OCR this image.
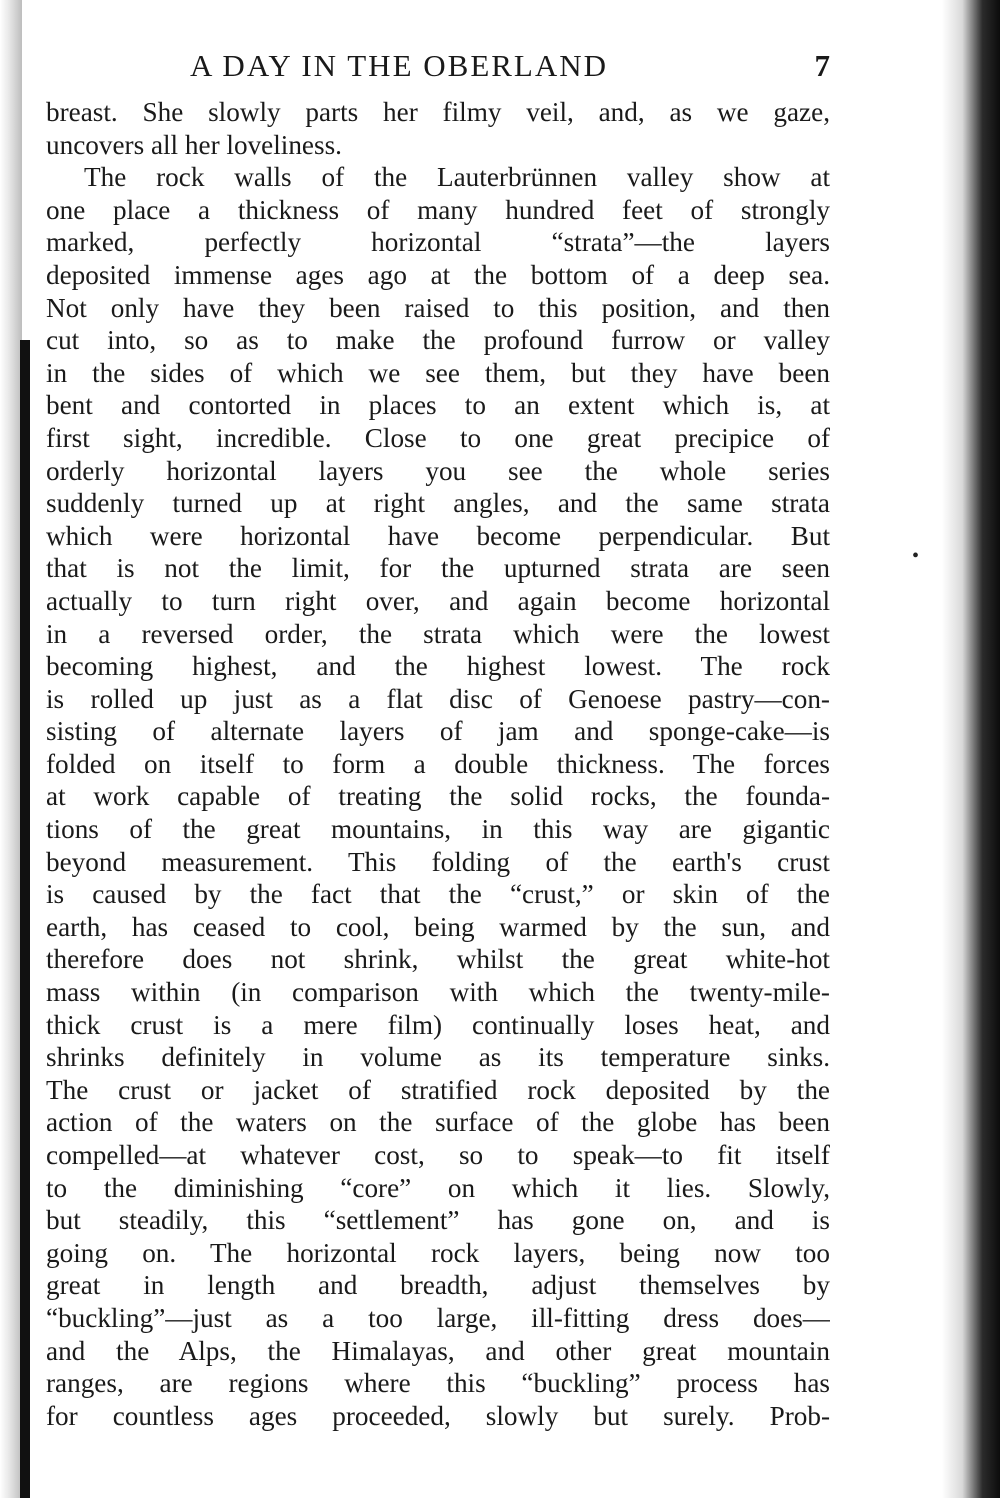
•
A DAY IN THE OBERLAND	7
breast. She slowly parts her filmy veil, and, as we gaze,
uncovers all her loveliness.
The rock walls of the Lauterbrünnen valley show at
one place a thickness of many hundred feet of strongly
marked, perfectly horizontal “strata”—the layers
deposited immense ages ago at the bottom of a deep sea.
Not only have they been raised to this position, and then
cut into, so as to make the profound furrow or valley
in the sides of which we see them, but they have been
bent and contorted in places to an extent which is, at
first sight, incredible. Close to one great precipice of
orderly horizontal layers you see the whole series
suddenly turned up at right angles, and the same strata
which were horizontal have become perpendicular. But
that is not the limit, for the upturned strata are seen
actually to turn right over, and again become horizontal
in a reversed order, the strata which were the lowest
becoming highest, and the highest lowest. The rock
is rolled up just as a flat disc of Genoese pastry—con-
sisting of alternate layers of jam and sponge-cake—is
folded on itself to form a double thickness. The forces
at work capable of treating the solid rocks, the founda-
tions of the great mountains, in this way are gigantic
beyond measurement. This folding of the earth's crust
is caused by the fact that the “crust,” or skin of the
earth, has ceased to cool, being warmed by the sun, and
therefore does not shrink, whilst the great white-hot
mass within (in comparison with which the twenty-mile-
thick crust is a mere film) continually loses heat, and
shrinks definitely in volume as its temperature sinks.
The crust or jacket of stratified rock deposited by the
action of the waters on the surface of the globe has been
compelled—at whatever cost, so to speak—to fit itself
to the diminishing “core” on which it lies. Slowly,
but steadily, this “settlement” has gone on, and is
going on. The horizontal rock layers, being now too
great in length and breadth, adjust themselves by
“buckling”—just as a too large, ill-fitting dress does—
and the Alps, the Himalayas, and other great mountain
ranges, are regions where this “buckling” process has
for countless ages proceeded, slowly but surely. Prob-
